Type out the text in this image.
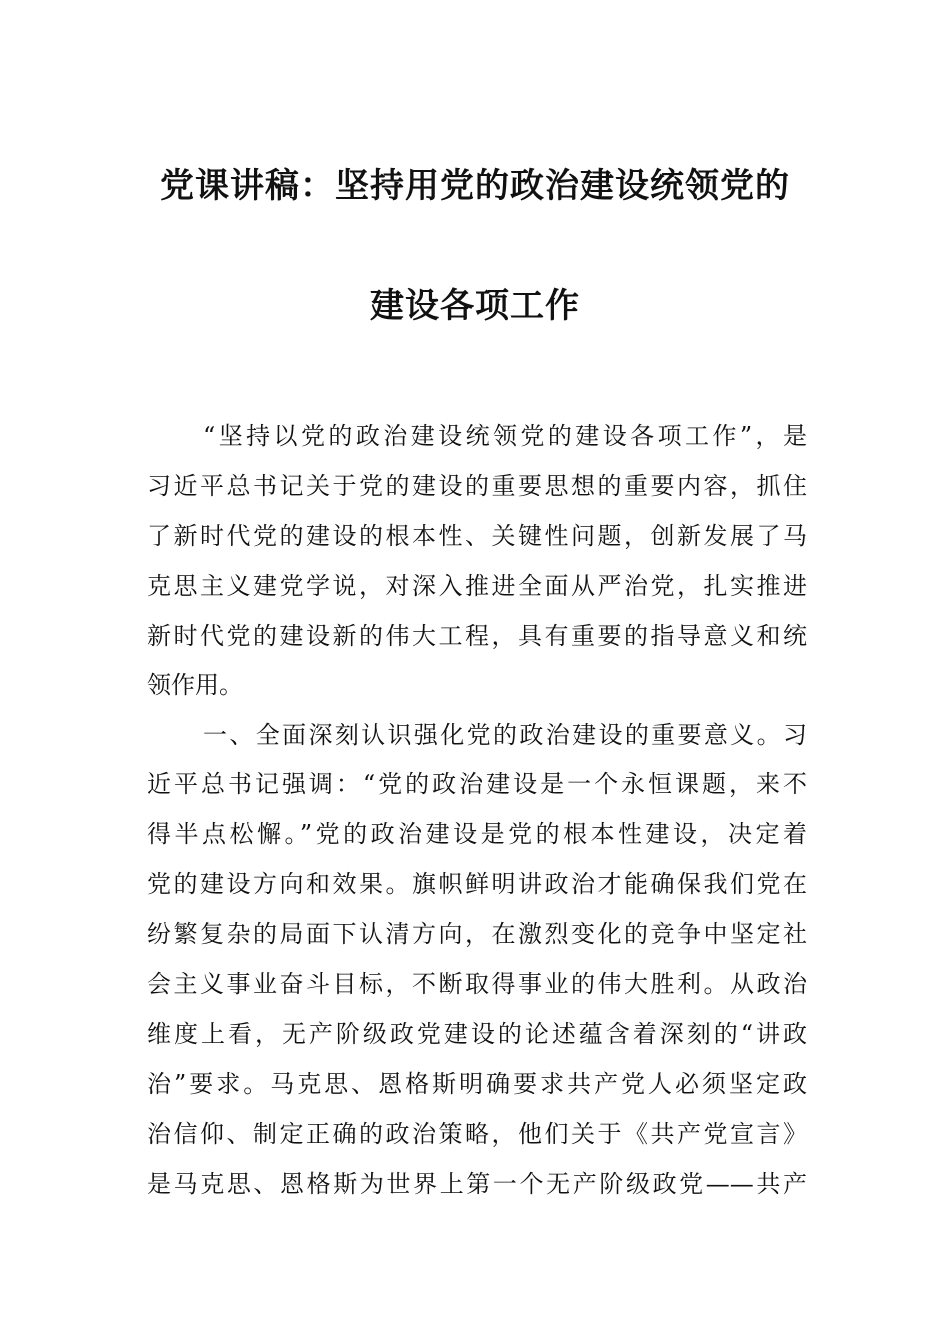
党课讲稿：坚持用党的政治建设统领党的
建设各项工作
“坚持以党的政治建设统领党的建设各项工作”，是
习近平总书记关于党的建设的重要思想的重要内容，抓住
了新时代党的建设的根本性、关键性问题，创新发展了马
克思主义建党学说，对深入推进全面从严治党，扎实推进
新时代党的建设新的伟大工程，具有重要的指导意义和统
领作用。
一、全面深刻认识强化党的政治建设的重要意义。习
近平总书记强调：“党的政治建设是一个永恒课题，来不
得半点松懈。”党的政治建设是党的根本性建设，决定着
党的建设方向和效果。旗帜鲜明讲政治才能确保我们党在
纷繁复杂的局面下认清方向，在激烈变化的竞争中坚定社
会主义事业奋斗目标，不断取得事业的伟大胜利。从政治
维度上看，无产阶级政党建设的论述蕴含着深刻的“讲政
治”要求。马克思、恩格斯明确要求共产党人必须坚定政
治信仰、制定正确的政治策略，他们关于《共产党宣言》
是马克思、恩格斯为世界上第一个无产阶级政党——共产
